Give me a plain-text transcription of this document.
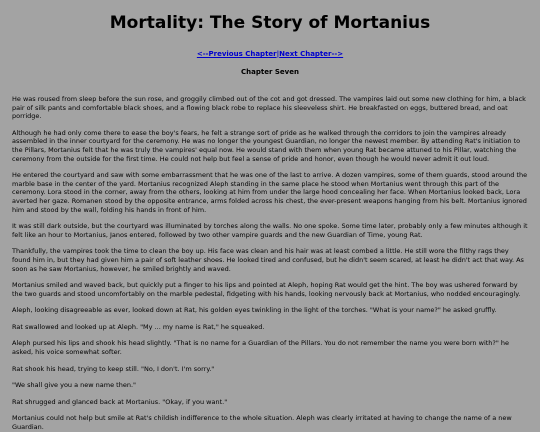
Mortality: The Story of Mortanius
<--Previous Chapter|Next Chapter-->
Chapter Seven

He was roused from sleep before the sun rose, and groggily climbed out of the cot and got dressed. The vampires laid out some new clothing for him, a black pair of silk pants and comfortable black shoes, and a flowing black robe to replace his sleeveless shirt. He breakfasted on eggs, buttered bread, and oat porridge.

Although he had only come there to ease the boy's fears, he felt a strange sort of pride as he walked through the corridors to join the vampires already assembled in the inner courtyard for the ceremony. He was no longer the youngest Guardian, no longer the newest member. By attending Rat's initiation to the Pillars, Mortanius felt that he was truly the vampires' equal now. He would stand with them when young Rat became attuned to his Pillar, watching the ceremony from the outside for the first time. He could not help but feel a sense of pride and honor, even though he would never admit it out loud.

He entered the courtyard and saw with some embarrassment that he was one of the last to arrive. A dozen vampires, some of them guards, stood around the marble base in the center of the yard. Mortanius recognized Aleph standing in the same place he stood when Mortanius went through this part of the ceremony. Lora stood in the corner, away from the others, looking at him from under the large hood concealing her face. When Mortanius looked back, Lora averted her gaze. Romanen stood by the opposite entrance, arms folded across his chest, the ever-present weapons hanging from his belt. Mortanius ignored him and stood by the wall, folding his hands in front of him.

It was still dark outside, but the courtyard was illuminated by torches along the walls. No one spoke. Some time later, probably only a few minutes although it felt like an hour to Mortanius, Janos entered, followed by two other vampire guards and the new Guardian of Time, young Rat.

Thankfully, the vampires took the time to clean the boy up. His face was clean and his hair was at least combed a little. He still wore the filthy rags they found him in, but they had given him a pair of soft leather shoes. He looked tired and confused, but he didn't seem scared, at least he didn't act that way. As soon as he saw Mortanius, however, he smiled brightly and waved.

Mortanius smiled and waved back, but quickly put a finger to his lips and pointed at Aleph, hoping Rat would get the hint. The boy was ushered forward by the two guards and stood uncomfortably on the marble pedestal, fidgeting with his hands, looking nervously back at Mortanius, who nodded encouragingly.

Aleph, looking disagreeable as ever, looked down at Rat, his golden eyes twinkling in the light of the torches. "What is your name?" he asked gruffly.

Rat swallowed and looked up at Aleph. "My ... my name is Rat," he squeaked.

Aleph pursed his lips and shook his head slightly. "That is no name for a Guardian of the Pillars. You do not remember the name you were born with?" he asked, his voice somewhat softer.

Rat shook his head, trying to keep still. "No, I don't. I'm sorry."

"We shall give you a new name then."

Rat shrugged and glanced back at Mortanius. "Okay, if you want."

Mortanius could not help but smile at Rat's childish indifference to the whole situation. Aleph was clearly irritated at having to change the name of a new Guardian.
